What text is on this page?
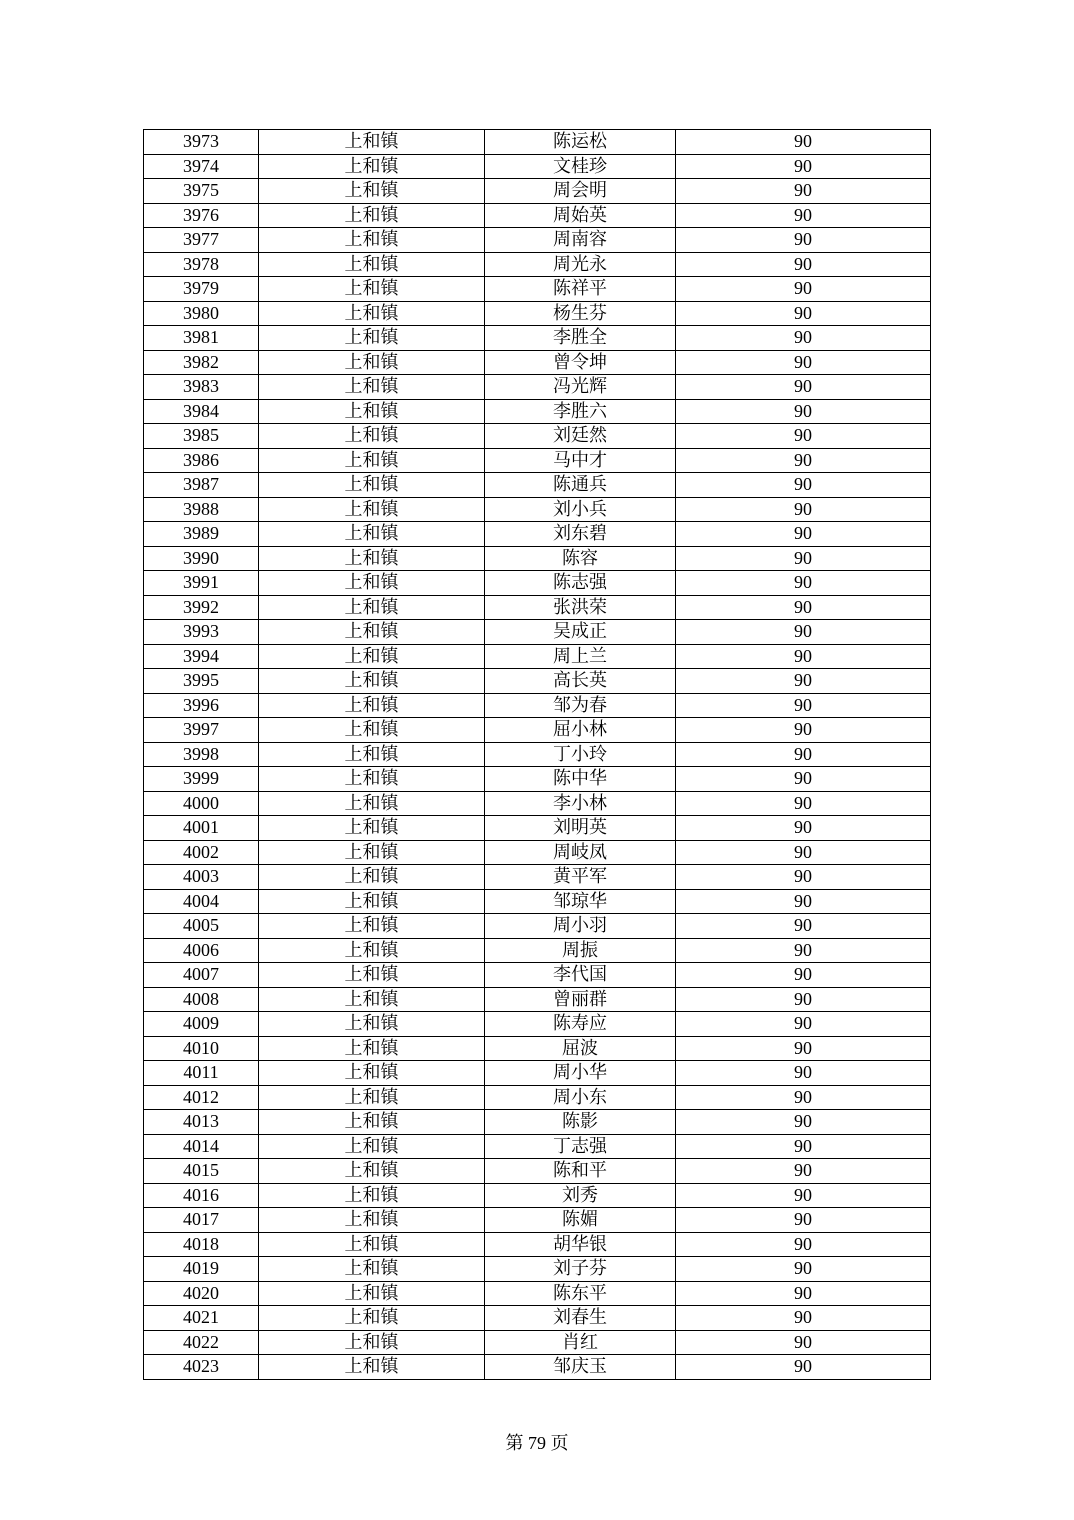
3973	上和镇	陈运松	90
3974	上和镇	文桂珍	90
3975	上和镇	周会明	90
3976	上和镇	周始英	90
3977	上和镇	周南容	90
3978	上和镇	周光永	90
3979	上和镇	陈祥平	90
3980	上和镇	杨生芬	90
3981	上和镇	李胜全	90
3982	上和镇	曾令坤	90
3983	上和镇	冯光辉	90
3984	上和镇	李胜六	90
3985	上和镇	刘廷然	90
3986	上和镇	马中才	90
3987	上和镇	陈通兵	90
3988	上和镇	刘小兵	90
3989	上和镇	刘东碧	90
3990	上和镇	陈容	90
3991	上和镇	陈志强	90
3992	上和镇	张洪荣	90
3993	上和镇	吴成正	90
3994	上和镇	周上兰	90
3995	上和镇	高长英	90
3996	上和镇	邹为春	90
3997	上和镇	屈小林	90
3998	上和镇	丁小玲	90
3999	上和镇	陈中华	90
4000	上和镇	李小林	90
4001	上和镇	刘明英	90
4002	上和镇	周岐凤	90
4003	上和镇	黄平军	90
4004	上和镇	邹琼华	90
4005	上和镇	周小羽	90
4006	上和镇	周振	90
4007	上和镇	李代国	90
4008	上和镇	曾丽群	90
4009	上和镇	陈寿应	90
4010	上和镇	屈波	90
4011	上和镇	周小华	90
4012	上和镇	周小东	90
4013	上和镇	陈影	90
4014	上和镇	丁志强	90
4015	上和镇	陈和平	90
4016	上和镇	刘秀	90
4017	上和镇	陈媚	90
4018	上和镇	胡华银	90
4019	上和镇	刘子芬	90
4020	上和镇	陈东平	90
4021	上和镇	刘春生	90
4022	上和镇	肖红	90
4023	上和镇	邹庆玉	90
第 79 页
